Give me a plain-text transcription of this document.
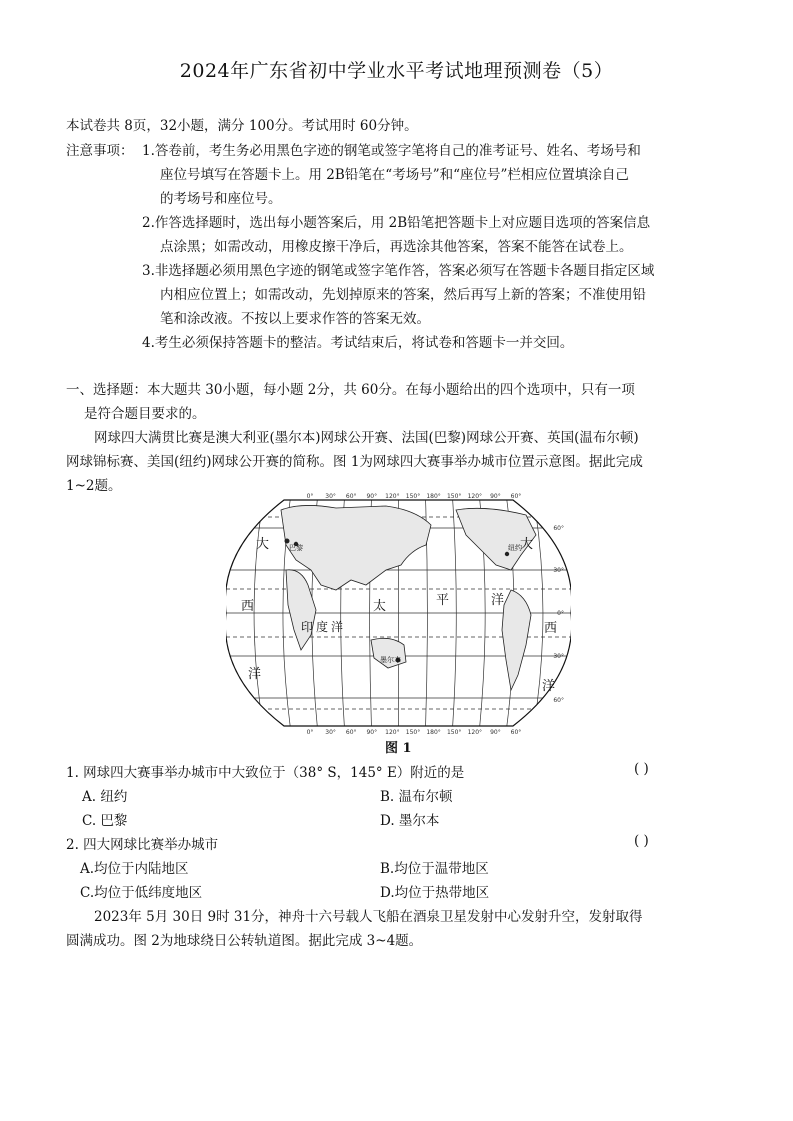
2024年广东省初中学业水平考试地理预测卷（5）
本试卷共 8页，32小题，满分 100分。考试用时 60分钟。
注意事项： 1.答卷前，考生务必用黑色字迹的钢笔或签字笔将自己的准考证号、姓名、考场号和
座位号填写在答题卡上。用 2B铅笔在“考场号”和“座位号”栏相应位置填涂自己
的考场号和座位号。
2.作答选择题时，选出每小题答案后，用 2B铅笔把答题卡上对应题目选项的答案信息
点涂黑；如需改动，用橡皮擦干净后，再选涂其他答案，答案不能答在试卷上。
3.非选择题必须用黑色字迹的钢笔或签字笔作答，答案必须写在答题卡各题目指定区域
内相应位置上；如需改动，先划掉原来的答案，然后再写上新的答案；不准使用铅
笔和涂改液。不按以上要求作答的答案无效。
4.考生必须保持答题卡的整洁。考试结束后，将试卷和答题卡一并交回。
一、选择题：本大题共 30小题，每小题 2分，共 60分。在每小题给出的四个选项中，只有一项
是符合题目要求的。
网球四大满贯比赛是澳大利亚(墨尔本)网球公开赛、法国(巴黎)网球公开赛、英国(温布尔顿)
网球锦标赛、美国(纽约)网球公开赛的简称。图 1为网球四大赛事举办城市位置示意图。据此完成
1~2题。
大
西
洋
太	平	洋
印 度 洋
大
西
洋
巴黎	纽约
墨尔本
0° 30° 60° 90° 120° 150° 180° 150° 120° 90° 60°
0° 30° 60° 90° 120° 150° 180° 150° 120° 90° 60°
60°
30°
0°
30°
60°
图 1
1. 网球四大赛事举办城市中大致位于（38° S，145° E）附近的是	( )
A. 纽约	B. 温布尔顿
C. 巴黎	D. 墨尔本
2. 四大网球比赛举办城市	( )
A.均位于内陆地区	B.均位于温带地区
C.均位于低纬度地区	D.均位于热带地区
2023年 5月 30日 9时 31分，神舟十六号载人飞船在酒泉卫星发射中心发射升空，发射取得
圆满成功。图 2为地球绕日公转轨道图。据此完成 3~4题。
